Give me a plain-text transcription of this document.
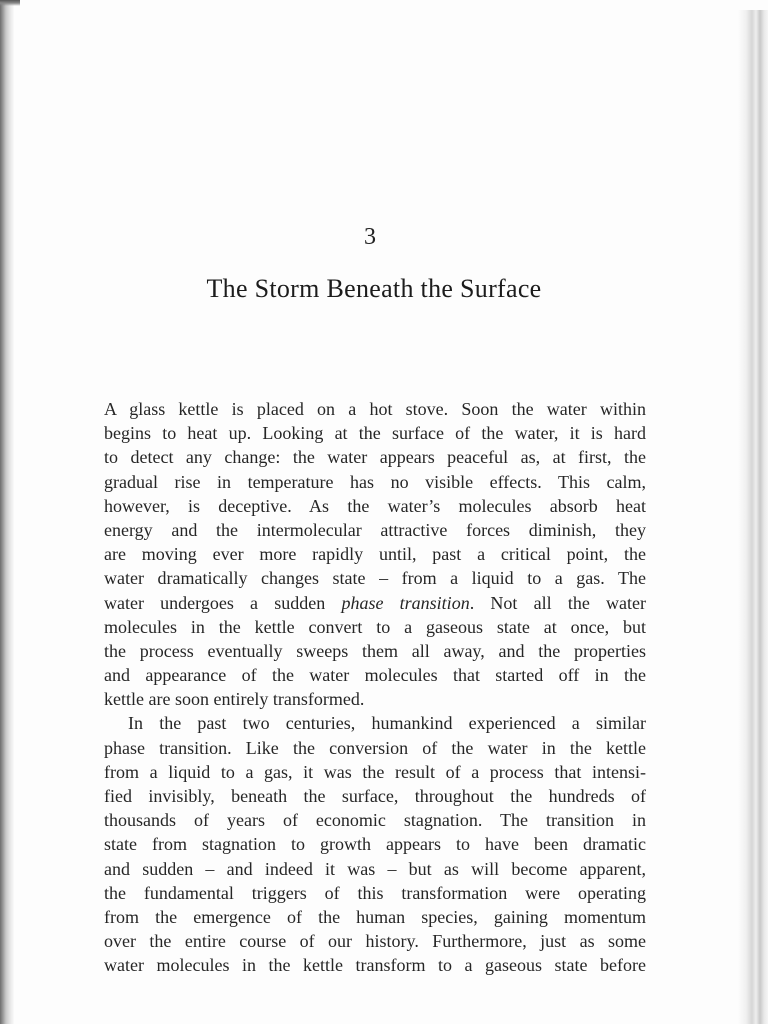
3
The Storm Beneath the Surface
A glass kettle is placed on a hot stove. Soon the water within
begins to heat up. Looking at the surface of the water, it is hard
to detect any change: the water appears peaceful as, at first, the
gradual rise in temperature has no visible effects. This calm,
however, is deceptive. As the water’s molecules absorb heat
energy and the intermolecular attractive forces diminish, they
are moving ever more rapidly until, past a critical point, the
water dramatically changes state – from a liquid to a gas. The
water undergoes a sudden phase transition. Not all the water
molecules in the kettle convert to a gaseous state at once, but
the process eventually sweeps them all away, and the properties
and appearance of the water molecules that started off in the
kettle are soon entirely transformed.
In the past two centuries, humankind experienced a similar
phase transition. Like the conversion of the water in the kettle
from a liquid to a gas, it was the result of a process that intensi-
fied invisibly, beneath the surface, throughout the hundreds of
thousands of years of economic stagnation. The transition in
state from stagnation to growth appears to have been dramatic
and sudden – and indeed it was – but as will become apparent,
the fundamental triggers of this transformation were operating
from the emergence of the human species, gaining momentum
over the entire course of our history. Furthermore, just as some
water molecules in the kettle transform to a gaseous state before
